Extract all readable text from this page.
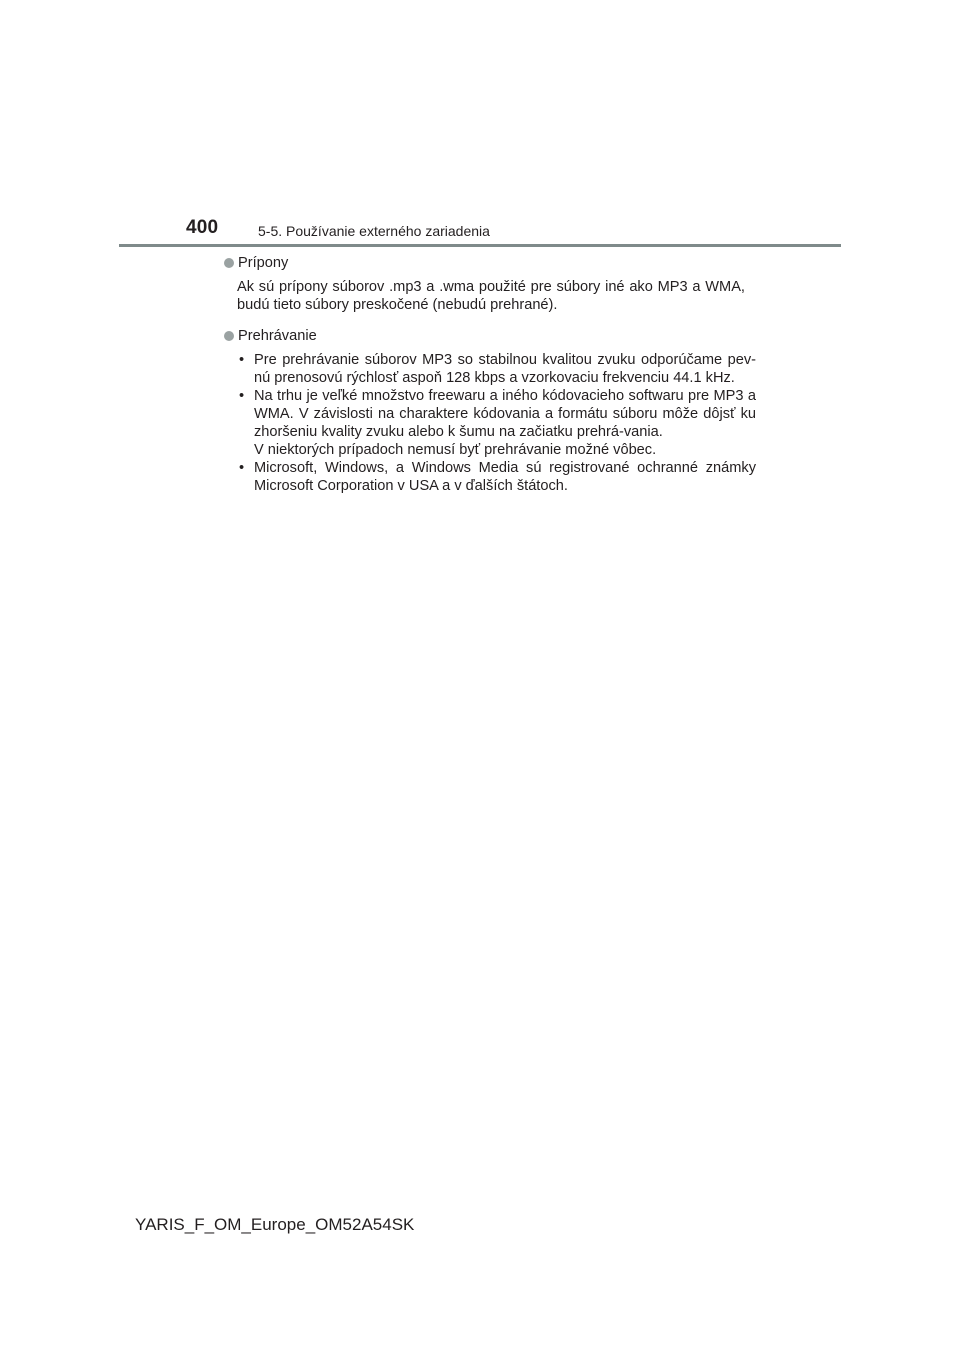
400	5-5. Používanie externého zariadenia
Prípony

Ak sú prípony súborov .mp3 a .wma použité pre súbory iné ako MP3 a WMA, budú tieto súbory preskočené (nebudú prehrané).

Prehrávanie
• Pre prehrávanie súborov MP3 so stabilnou kvalitou zvuku odporúčame pev-nú prenosovú rýchlosť aspoň 128 kbps a vzorkovaciu frekvenciu 44.1 kHz.
• Na trhu je veľké množstvo freewaru a iného kódovacieho softwaru pre MP3 a WMA. V závislosti na charaktere kódovania a formátu súboru môže dôjsť ku zhoršeniu kvality zvuku alebo k šumu na začiatku prehrá-vania.
V niektorých prípadoch nemusí byť prehrávanie možné vôbec.
• Microsoft, Windows, a Windows Media sú registrované ochranné známky Microsoft Corporation v USA a v ďalších štátoch.
YARIS_F_OM_Europe_OM52A54SK
